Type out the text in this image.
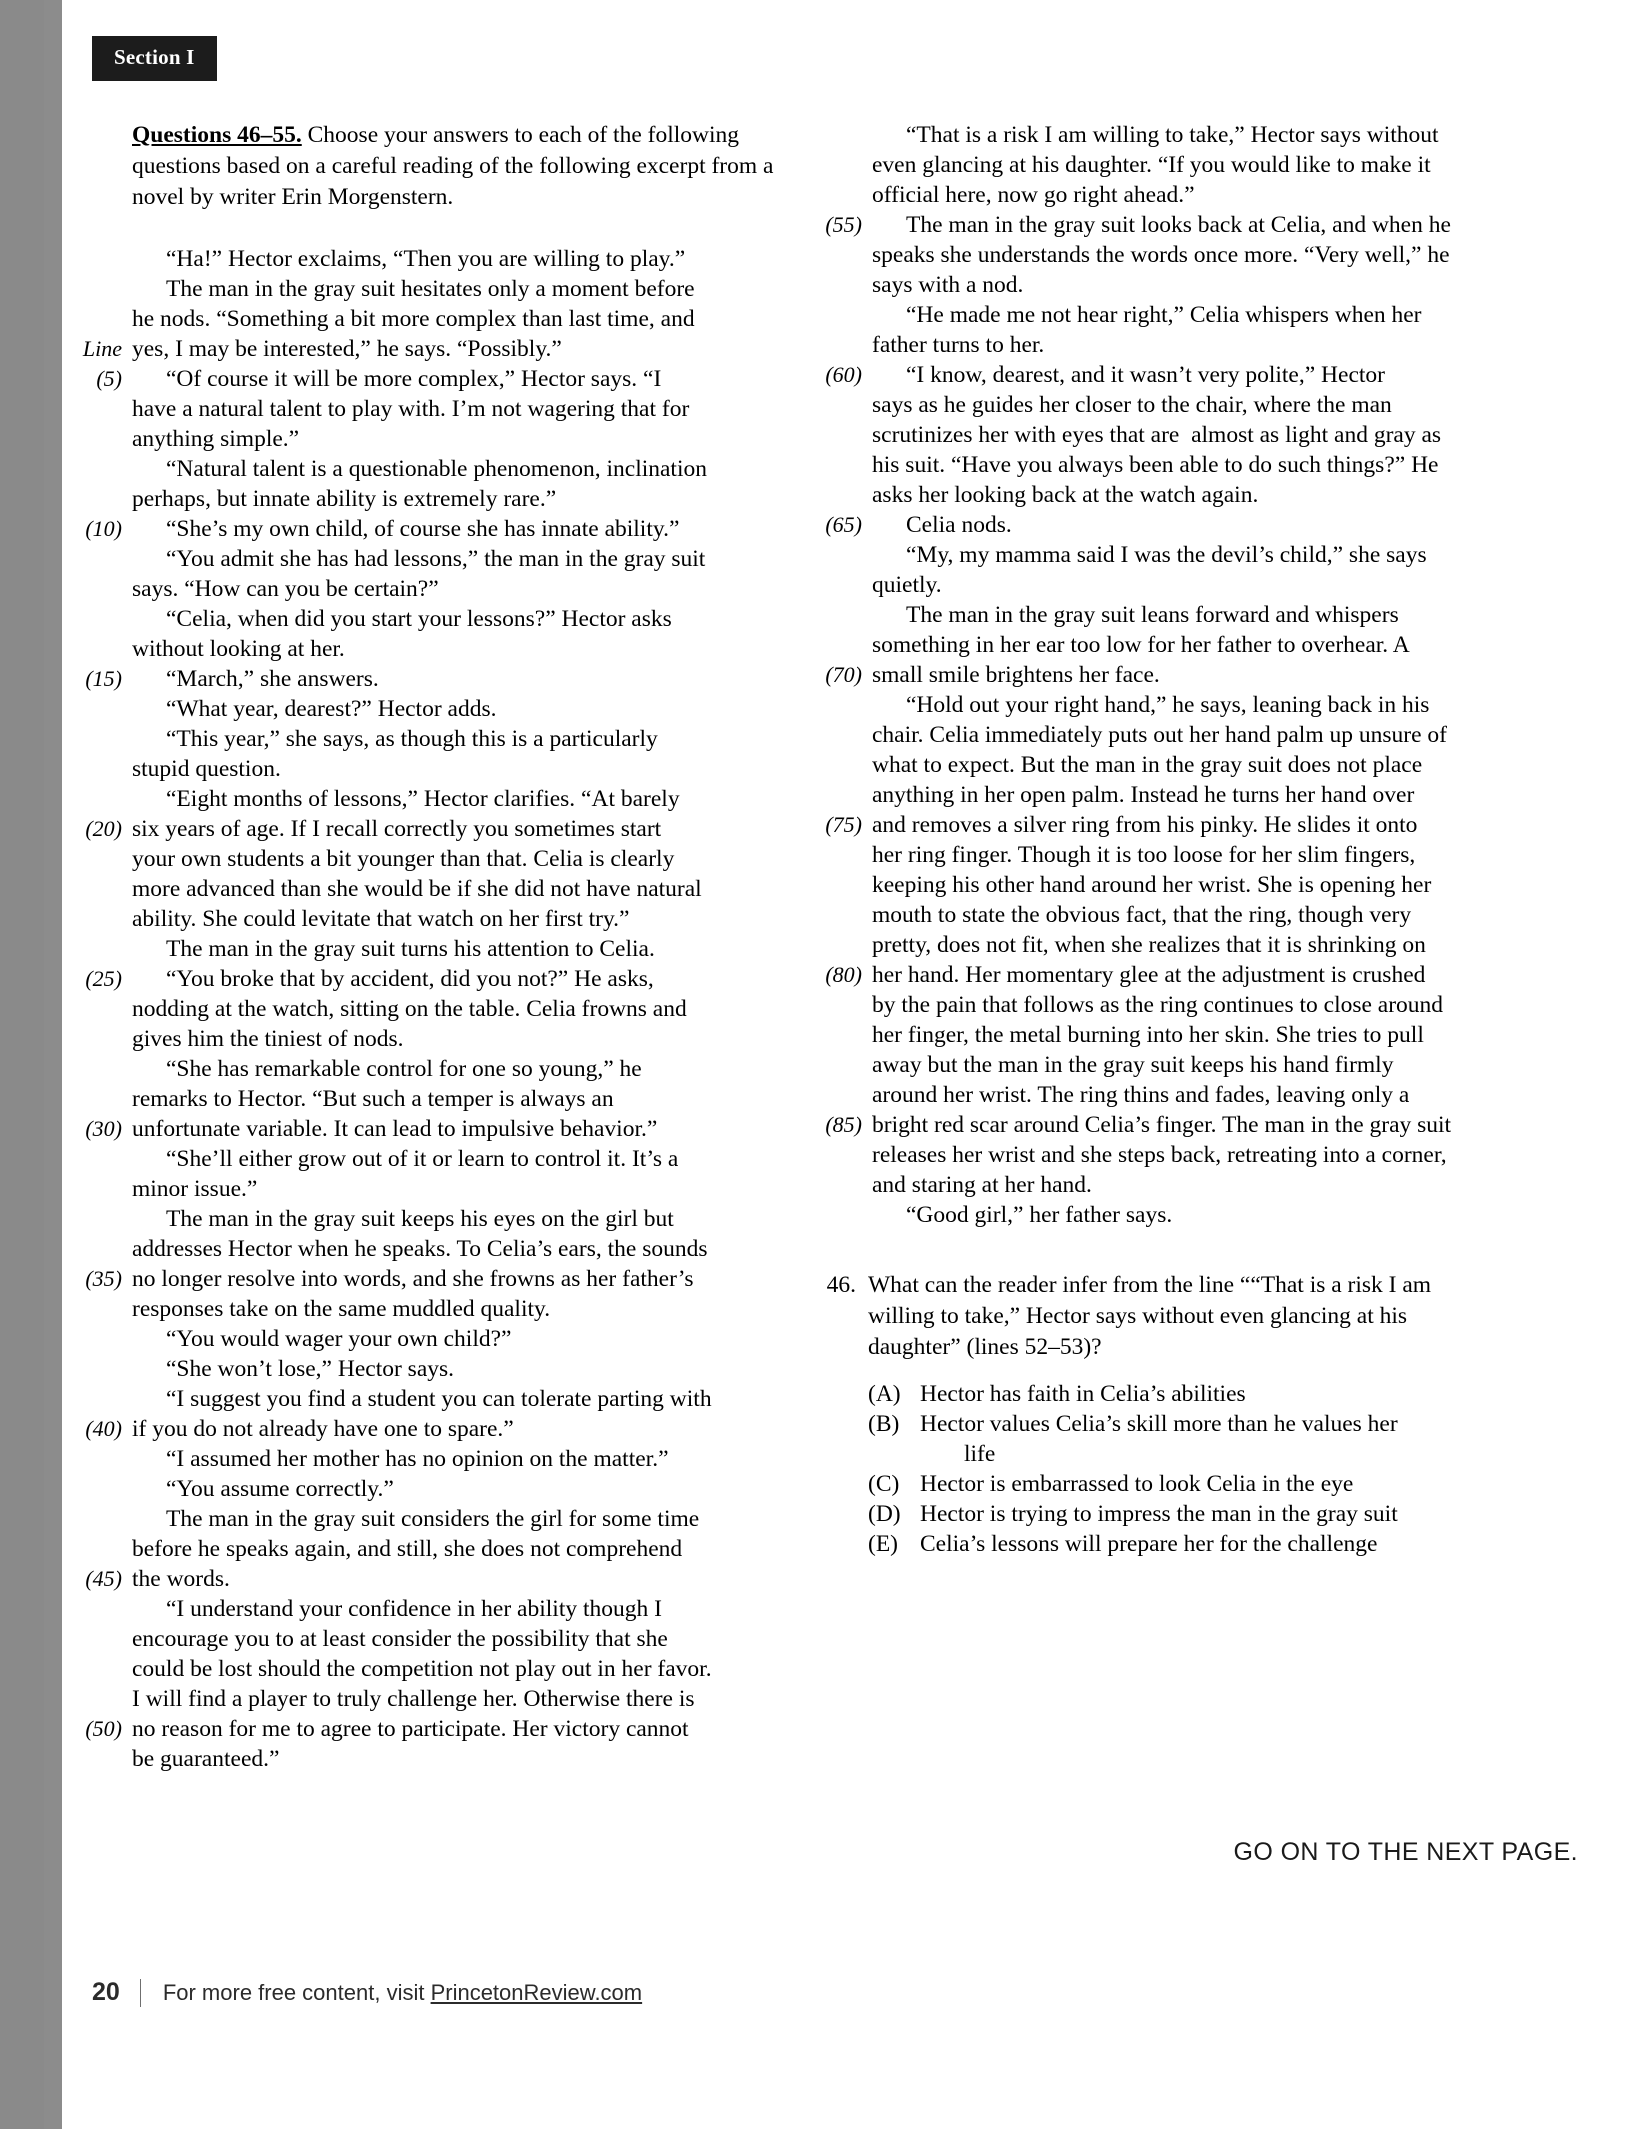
Section I

Questions 46–55. Choose your answers to each of the following questions based on a careful reading of the following excerpt from a novel by writer Erin Morgenstern.

“Ha!” Hector exclaims, “Then you are willing to play.”
The man in the gray suit hesitates only a moment before
he nods. “Something a bit more complex than last time, and
Line yes, I may be interested,” he says. “Possibly.”
(5)	“Of course it will be more complex,” Hector says. “I
have a natural talent to play with. I’m not wagering that for
anything simple.”
“Natural talent is a questionable phenomenon, inclination
perhaps, but innate ability is extremely rare.”
(10)	“She’s my own child, of course she has innate ability.”
“You admit she has had lessons,” the man in the gray suit
says. “How can you be certain?”
“Celia, when did you start your lessons?” Hector asks
without looking at her.
(15)	“March,” she answers.
“What year, dearest?” Hector adds.
“This year,” she says, as though this is a particularly
stupid question.
“Eight months of lessons,” Hector clarifies. “At barely
(20) six years of age. If I recall correctly you sometimes start
your own students a bit younger than that. Celia is clearly
more advanced than she would be if she did not have natural
ability. She could levitate that watch on her first try.”
The man in the gray suit turns his attention to Celia.
(25)	“You broke that by accident, did you not?” He asks,
nodding at the watch, sitting on the table. Celia frowns and
gives him the tiniest of nods.
“She has remarkable control for one so young,” he
remarks to Hector. “But such a temper is always an
(30) unfortunate variable. It can lead to impulsive behavior.”
“She’ll either grow out of it or learn to control it. It’s a
minor issue.”
The man in the gray suit keeps his eyes on the girl but
addresses Hector when he speaks. To Celia’s ears, the sounds
(35) no longer resolve into words, and she frowns as her father’s
responses take on the same muddled quality.
“You would wager your own child?”
“She won’t lose,” Hector says.
“I suggest you find a student you can tolerate parting with
(40) if you do not already have one to spare.”
“I assumed her mother has no opinion on the matter.”
“You assume correctly.”
The man in the gray suit considers the girl for some time
before he speaks again, and still, she does not comprehend
(45) the words.
“I understand your confidence in her ability though I
encourage you to at least consider the possibility that she
could be lost should the competition not play out in her favor.
I will find a player to truly challenge her. Otherwise there is
(50) no reason for me to agree to participate. Her victory cannot
be guaranteed.”
“That is a risk I am willing to take,” Hector says without
even glancing at his daughter. “If you would like to make it
official here, now go right ahead.”
(55)	The man in the gray suit looks back at Celia, and when he
speaks she understands the words once more. “Very well,” he
says with a nod.
“He made me not hear right,” Celia whispers when her
father turns to her.
(60)	“I know, dearest, and it wasn’t very polite,” Hector
says as he guides her closer to the chair, where the man
scrutinizes her with eyes that are  almost as light and gray as
his suit. “Have you always been able to do such things?” He
asks her looking back at the watch again.
(65)	Celia nods.
“My, my mamma said I was the devil’s child,” she says
quietly.
The man in the gray suit leans forward and whispers
something in her ear too low for her father to overhear. A
(70) small smile brightens her face.
“Hold out your right hand,” he says, leaning back in his
chair. Celia immediately puts out her hand palm up unsure of
what to expect. But the man in the gray suit does not place
anything in her open palm. Instead he turns her hand over
(75) and removes a silver ring from his pinky. He slides it onto
her ring finger. Though it is too loose for her slim fingers,
keeping his other hand around her wrist. She is opening her
mouth to state the obvious fact, that the ring, though very
pretty, does not fit, when she realizes that it is shrinking on
(80) her hand. Her momentary glee at the adjustment is crushed
by the pain that follows as the ring continues to close around
her finger, the metal burning into her skin. She tries to pull
away but the man in the gray suit keeps his hand firmly
around her wrist. The ring thins and fades, leaving only a
(85) bright red scar around Celia’s finger. The man in the gray suit
releases her wrist and she steps back, retreating into a corner,
and staring at her hand.
“Good girl,” her father says.
46. What can the reader infer from the line ““That is a risk I am willing to take,” Hector says without even glancing at his daughter” (lines 52–53)?
(A) Hector has faith in Celia’s abilities
(B) Hector values Celia’s skill more than he values her
life
(C) Hector is embarrassed to look Celia in the eye
(D) Hector is trying to impress the man in the gray suit
(E) Celia’s lessons will prepare her for the challenge
GO ON TO THE NEXT PAGE.
20 For more free content, visit PrincetonReview.com
